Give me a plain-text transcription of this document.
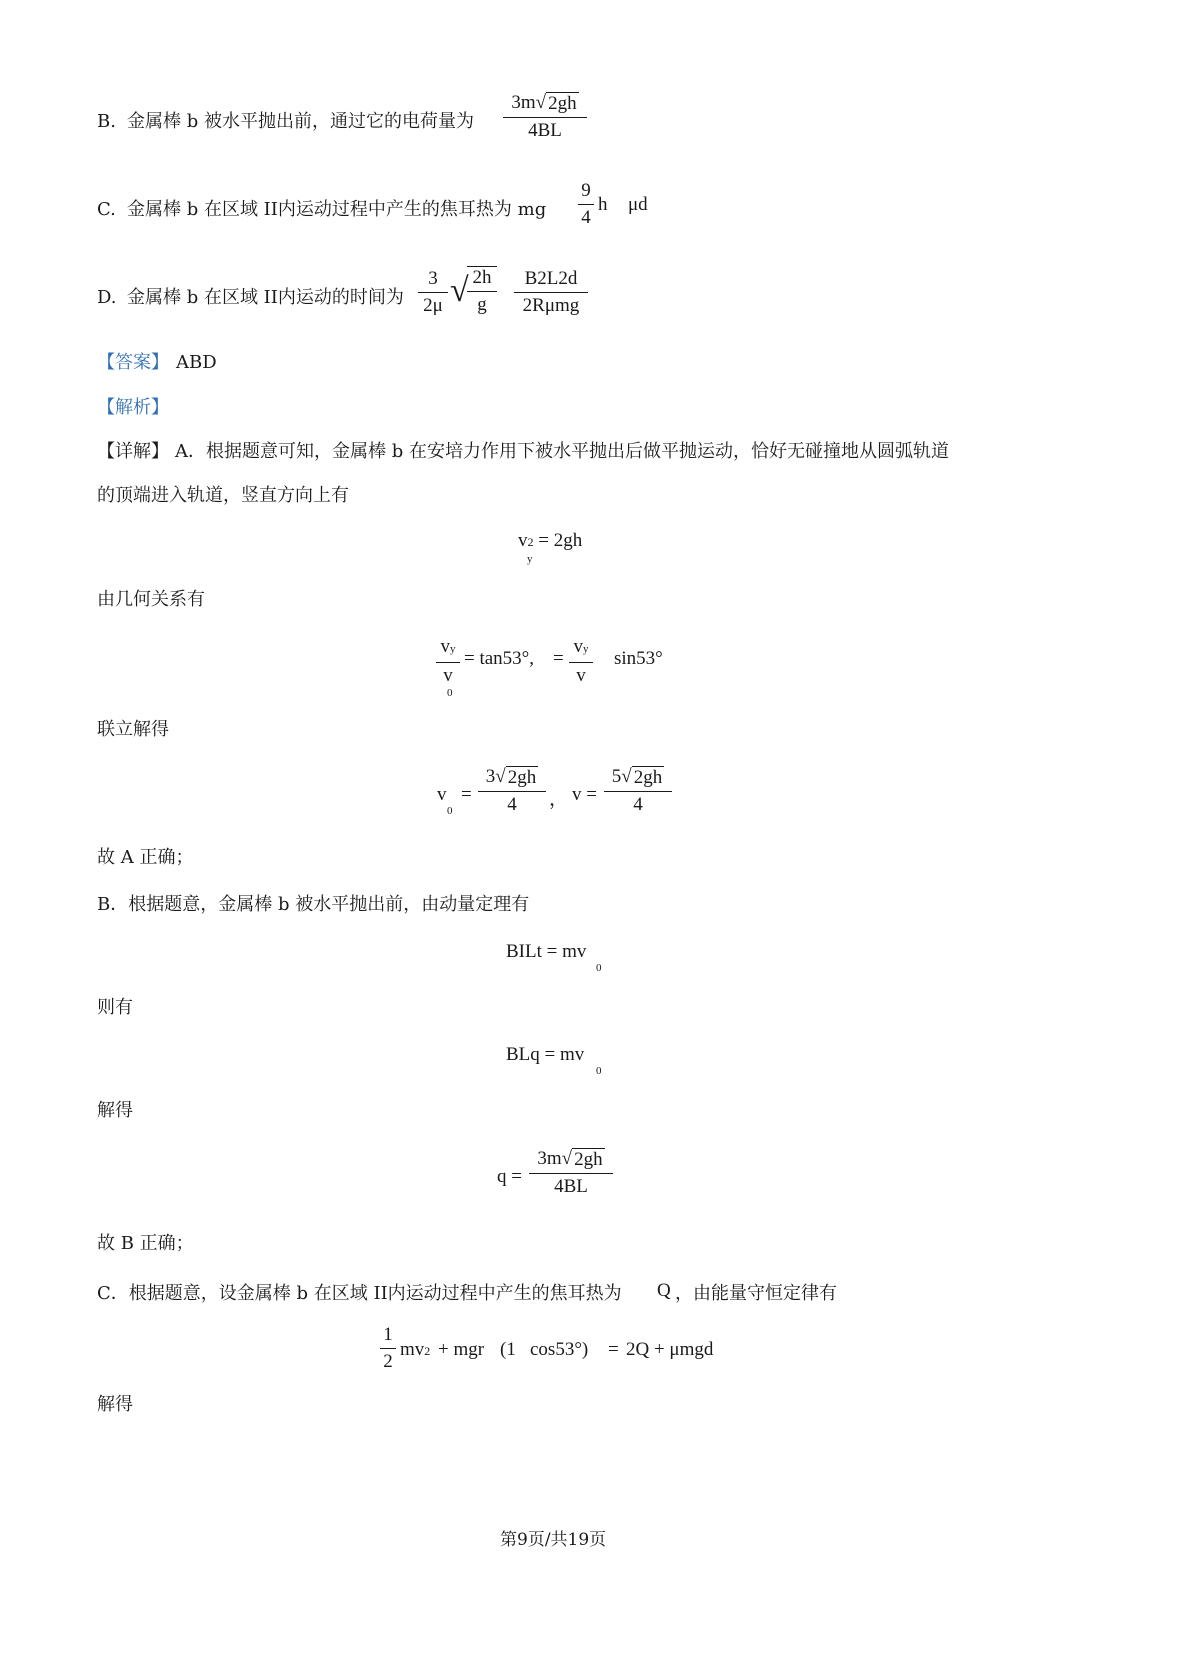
B. 金属棒 b 被水平抛出前，通过它的电荷量为
3m√ 2gh
4BL
C. 金属棒 b 在区域 II内运动过程中产生的焦耳热为 mg
9
4
h μd
D. 金属棒 b 在区域 II内运动的时间为
3
2μ √ 2h
g
B2L2d
2Rμmg
【答案】 ABD
【解析】
【详解】 A．根据题意可知，金属棒 b 在安培力作用下被水平抛出后做平抛运动，恰好无碰撞地从圆弧轨道
的顶端进入轨道，竖直方向上有
v2 = 2gh
y
由几何关系有
vy
v
0
= tan53°, =
vy
v
sin53°
联立解得
v
0
=
3√ 2gh
4 ， v =
5√ 2gh
4
故 A 正确；
B．根据题意，金属棒 b 被水平抛出前，由动量定理有
BILt = mv
0
则有
BLq = mv
0
解得
q =
3m√ 2gh
4BL
故 B 正确；
C．根据题意，设金属棒 b 在区域 II内运动过程中产生的焦耳热为 Q ，由能量守恒定律有
1
2
mv2 + mgr (1 cos53°) = 2Q + μmgd
解得
第9页/共19页
